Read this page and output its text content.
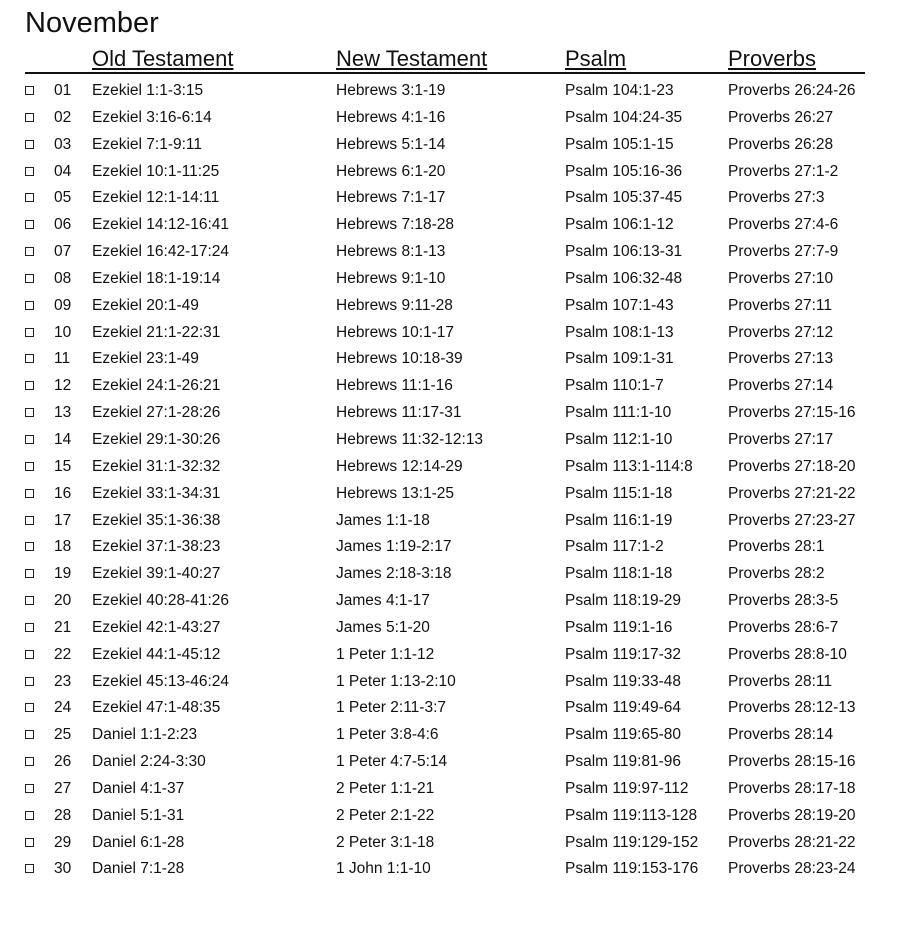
November
Old Testament	New Testament	Psalm	Proverbs
01 Ezekiel 1:1-3:15	Hebrews 3:1-19	Psalm 104:1-23	Proverbs 26:24-26
02 Ezekiel 3:16-6:14	Hebrews 4:1-16	Psalm 104:24-35	Proverbs 26:27
03 Ezekiel 7:1-9:11	Hebrews 5:1-14	Psalm 105:1-15	Proverbs 26:28
04 Ezekiel 10:1-11:25	Hebrews 6:1-20	Psalm 105:16-36	Proverbs 27:1-2
05 Ezekiel 12:1-14:11	Hebrews 7:1-17	Psalm 105:37-45	Proverbs 27:3
06 Ezekiel 14:12-16:41	Hebrews 7:18-28	Psalm 106:1-12	Proverbs 27:4-6
07 Ezekiel 16:42-17:24	Hebrews 8:1-13	Psalm 106:13-31	Proverbs 27:7-9
08 Ezekiel 18:1-19:14	Hebrews 9:1-10	Psalm 106:32-48	Proverbs 27:10
09 Ezekiel 20:1-49	Hebrews 9:11-28	Psalm 107:1-43	Proverbs 27:11
10 Ezekiel 21:1-22:31	Hebrews 10:1-17	Psalm 108:1-13	Proverbs 27:12
11 Ezekiel 23:1-49	Hebrews 10:18-39	Psalm 109:1-31	Proverbs 27:13
12 Ezekiel 24:1-26:21	Hebrews 11:1-16	Psalm 110:1-7	Proverbs 27:14
13 Ezekiel 27:1-28:26	Hebrews 11:17-31	Psalm 111:1-10	Proverbs 27:15-16
14 Ezekiel 29:1-30:26	Hebrews 11:32-12:13	Psalm 112:1-10	Proverbs 27:17
15 Ezekiel 31:1-32:32	Hebrews 12:14-29	Psalm 113:1-114:8 Proverbs 27:18-20
16 Ezekiel 33:1-34:31	Hebrews 13:1-25	Psalm 115:1-18	Proverbs 27:21-22
17 Ezekiel 35:1-36:38	James 1:1-18	Psalm 116:1-19	Proverbs 27:23-27
18 Ezekiel 37:1-38:23	James 1:19-2:17	Psalm 117:1-2	Proverbs 28:1
19 Ezekiel 39:1-40:27	James 2:18-3:18	Psalm 118:1-18	Proverbs 28:2
20 Ezekiel 40:28-41:26	James 4:1-17	Psalm 118:19-29	Proverbs 28:3-5
21 Ezekiel 42:1-43:27	James 5:1-20	Psalm 119:1-16	Proverbs 28:6-7
22 Ezekiel 44:1-45:12	1 Peter 1:1-12	Psalm 119:17-32	Proverbs 28:8-10
23 Ezekiel 45:13-46:24	1 Peter 1:13-2:10	Psalm 119:33-48	Proverbs 28:11
24 Ezekiel 47:1-48:35	1 Peter 2:11-3:7	Psalm 119:49-64	Proverbs 28:12-13
25 Daniel 1:1-2:23	1 Peter 3:8-4:6	Psalm 119:65-80	Proverbs 28:14
26 Daniel 2:24-3:30	1 Peter 4:7-5:14	Psalm 119:81-96	Proverbs 28:15-16
27 Daniel 4:1-37	2 Peter 1:1-21	Psalm 119:97-112	Proverbs 28:17-18
28 Daniel 5:1-31	2 Peter 2:1-22	Psalm 119:113-128 Proverbs 28:19-20
29 Daniel 6:1-28	2 Peter 3:1-18	Psalm 119:129-152 Proverbs 28:21-22
30 Daniel 7:1-28	1 John 1:1-10	Psalm 119:153-176 Proverbs 28:23-24
